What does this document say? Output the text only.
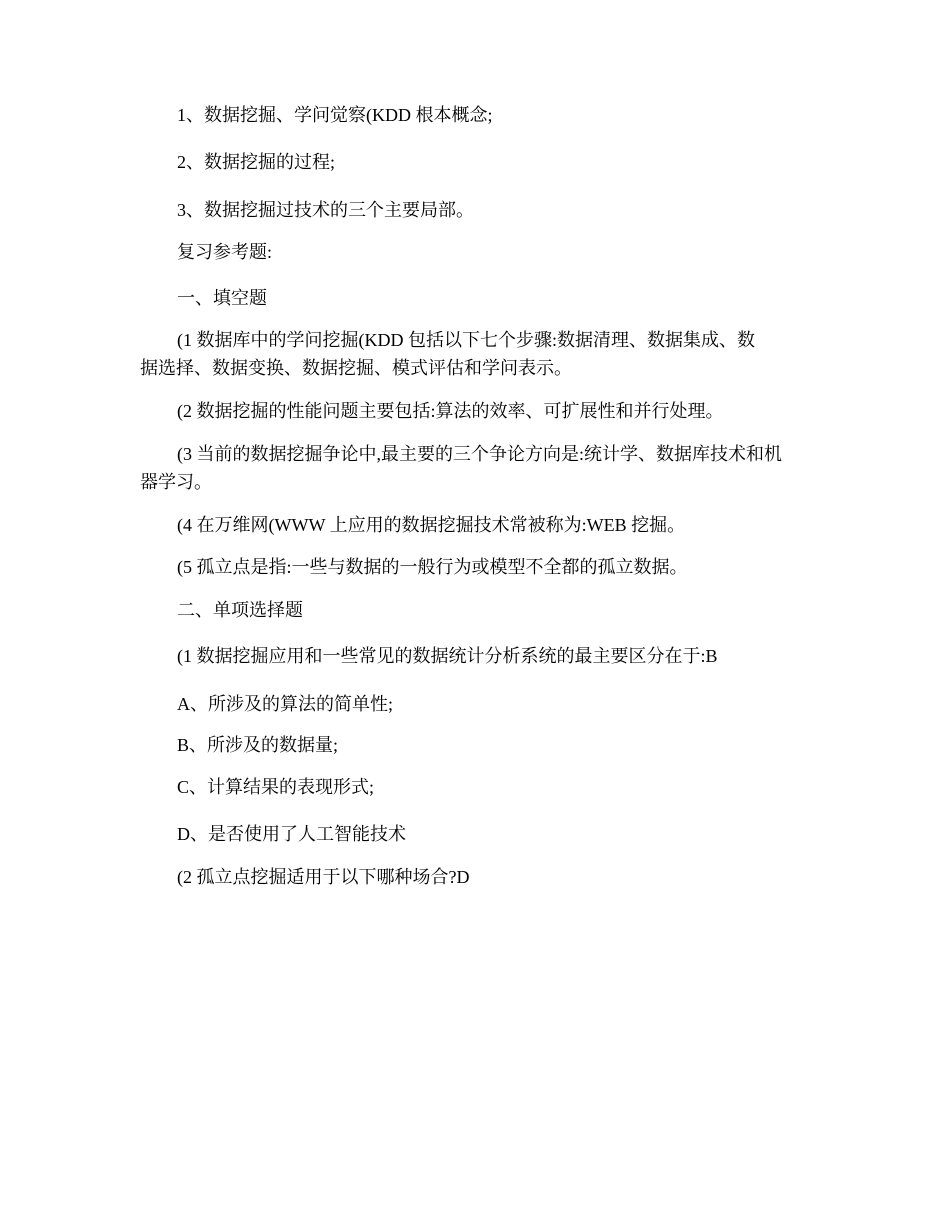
1、数据挖掘、学问觉察(KDD 根本概念;
2、数据挖掘的过程;
3、数据挖掘过技术的三个主要局部。
复习参考题:
一、填空题
(1 数据库中的学问挖掘(KDD 包括以下七个步骤:数据清理、数据集成、数
据选择、数据变换、数据挖掘、模式评估和学问表示。
(2 数据挖掘的性能问题主要包括:算法的效率、可扩展性和并行处理。
(3 当前的数据挖掘争论中,最主要的三个争论方向是:统计学、数据库技术和机
器学习。
(4 在万维网(WWW 上应用的数据挖掘技术常被称为:WEB 挖掘。
(5 孤立点是指:一些与数据的一般行为或模型不全都的孤立数据。
二、单项选择题
(1 数据挖掘应用和一些常见的数据统计分析系统的最主要区分在于:B
A、所涉及的算法的简单性;
B、所涉及的数据量;
C、计算结果的表现形式;
D、是否使用了人工智能技术
(2 孤立点挖掘适用于以下哪种场合?D
